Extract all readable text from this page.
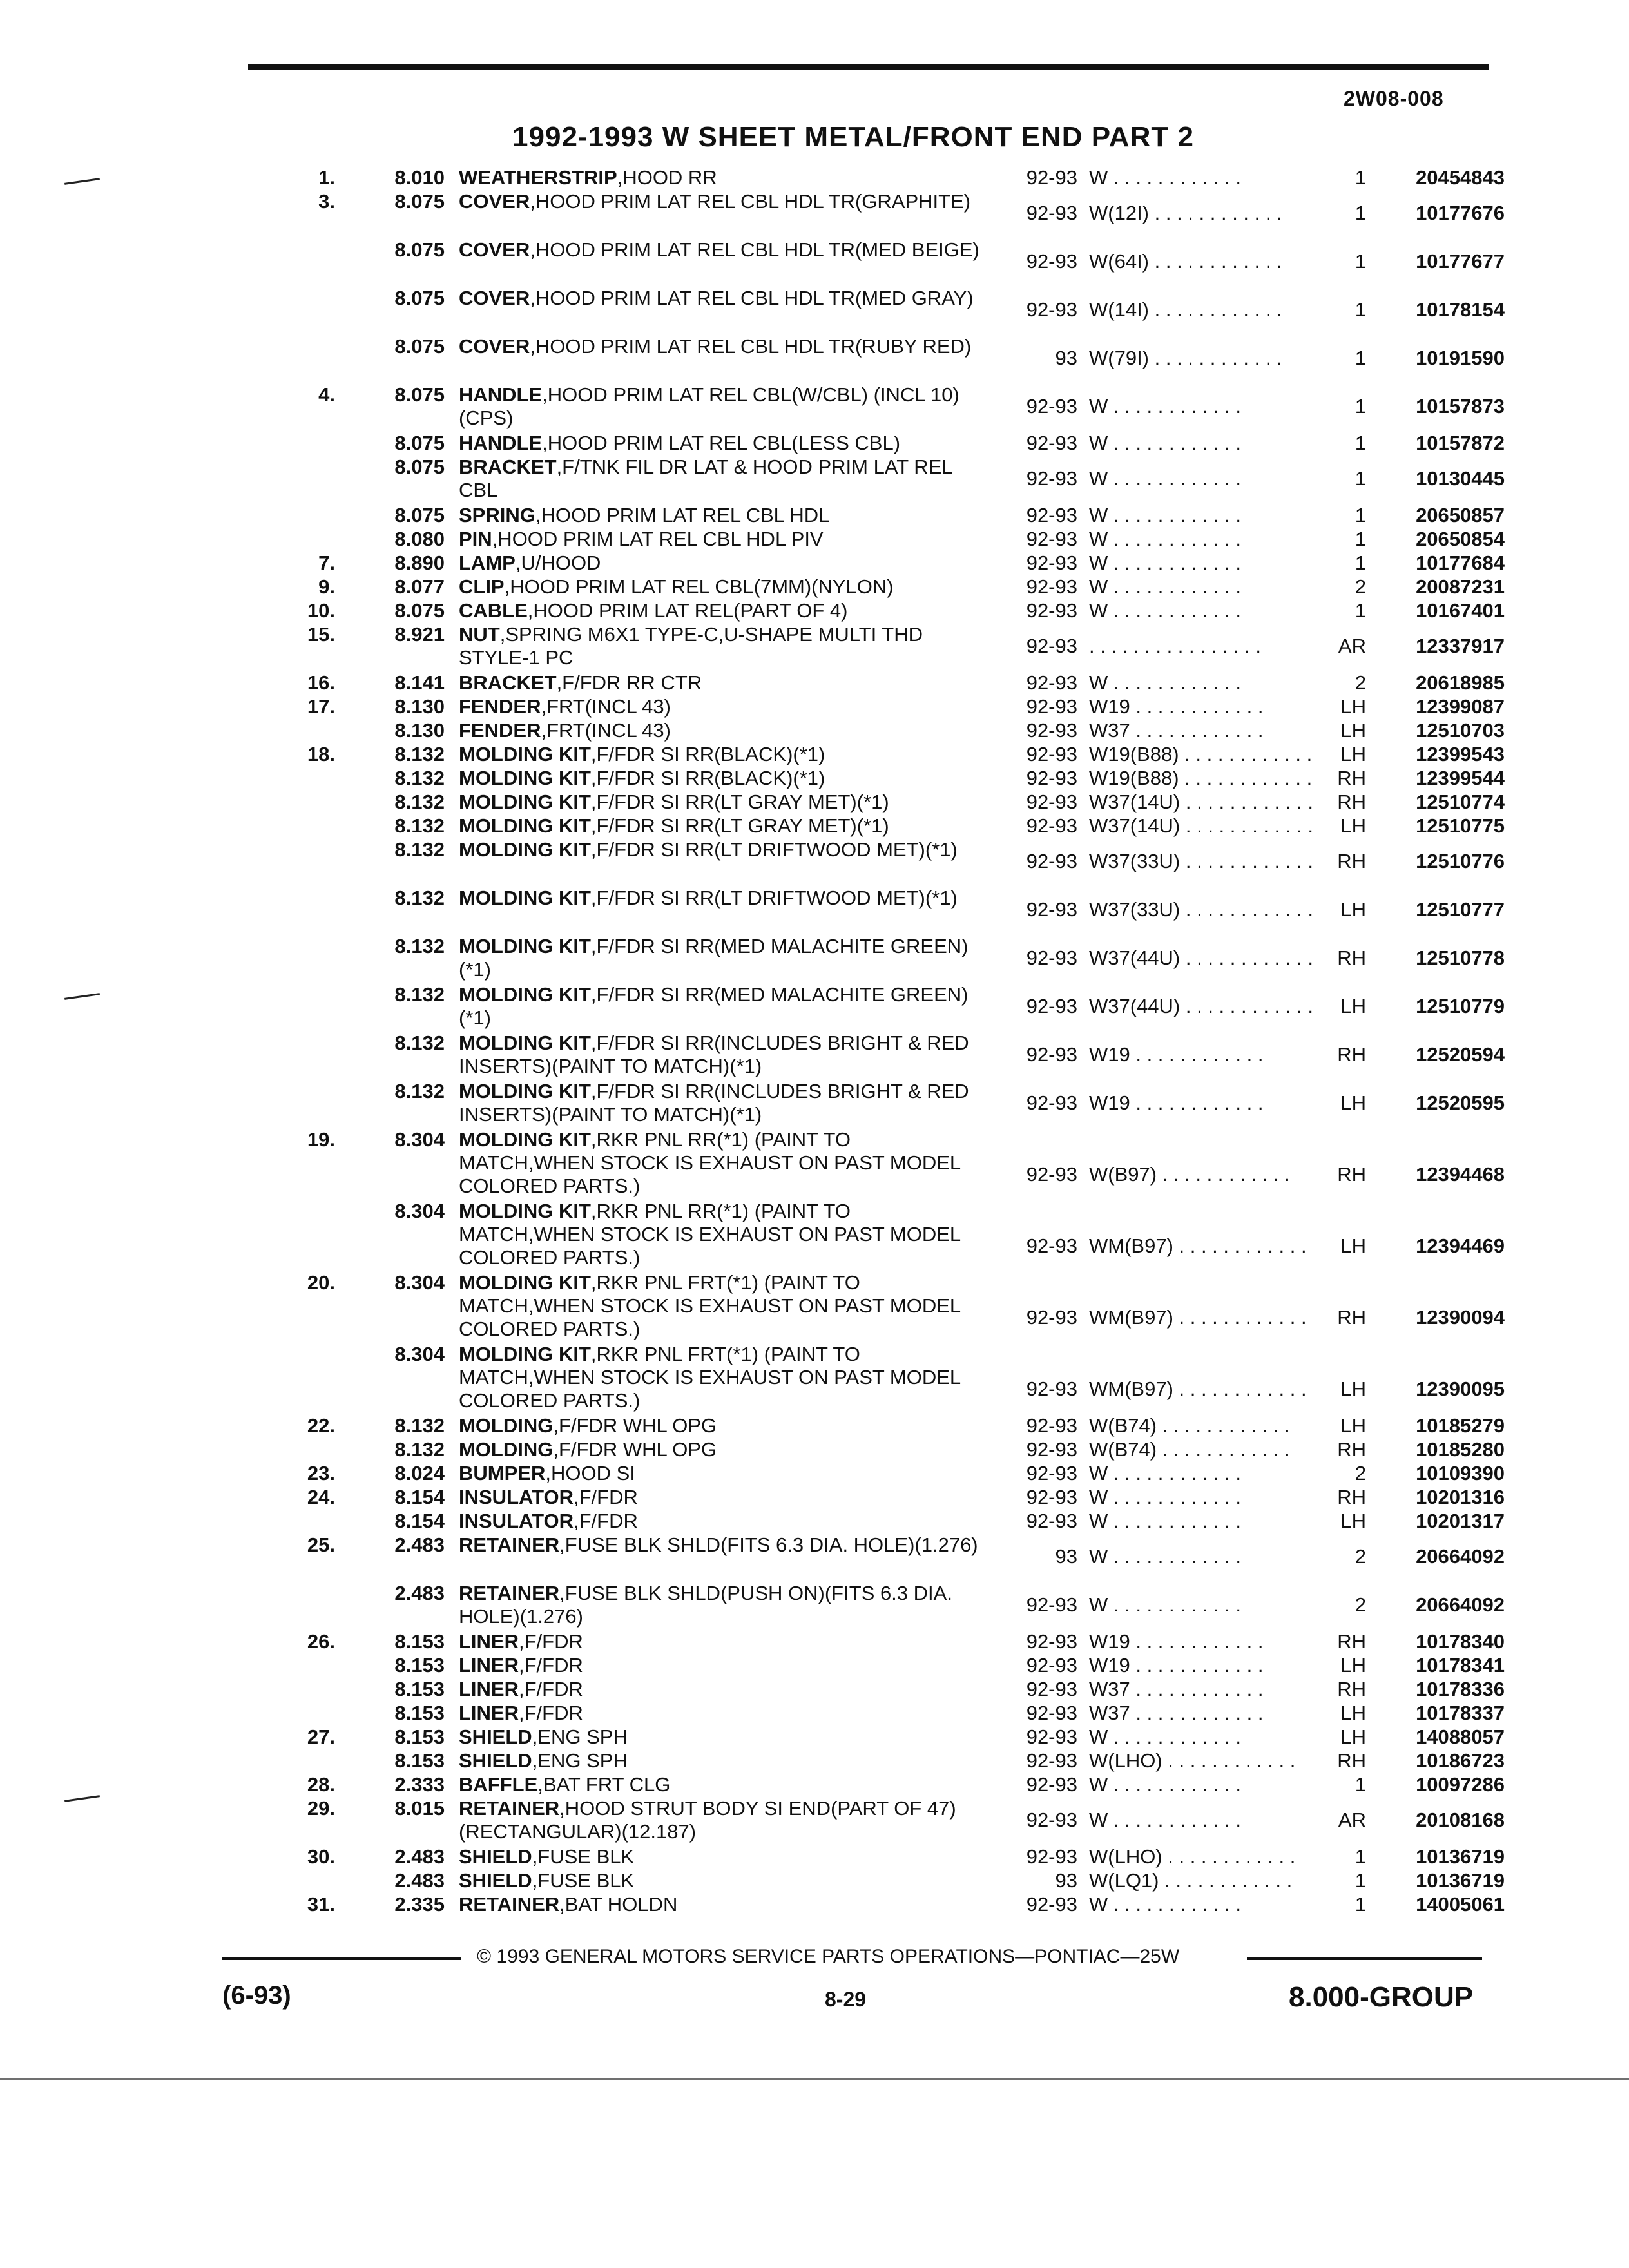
2W08-008
1992-1993 W SHEET METAL/FRONT END PART 2
1.	8.010 WEATHERSTRIP,HOOD RR	92-93 W . . . . . . . . . . . .	1	20454843
3.	8.075 COVER,HOOD PRIM LAT REL CBL HDL TR(GRAPHITE)
92-93 W(12I) . . . . . . . . . . . .	1	10177676
8.075 COVER,HOOD PRIM LAT REL CBL HDL TR(MED BEIGE)
92-93 W(64I) . . . . . . . . . . . .	1	10177677
8.075 COVER,HOOD PRIM LAT REL CBL HDL TR(MED GRAY)
92-93 W(14I) . . . . . . . . . . . .	1	10178154
8.075 COVER,HOOD PRIM LAT REL CBL HDL TR(RUBY RED)
93 W(79I) . . . . . . . . . . . .	1	10191590
4.	8.075 HANDLE,HOOD PRIM LAT REL CBL(W/CBL) (INCL 10)(CPS)
92-93 W . . . . . . . . . . . .	1	10157873
8.075 HANDLE,HOOD PRIM LAT REL CBL(LESS CBL)	92-93 W . . . . . . . . . . . .	1	10157872
8.075 BRACKET,F/TNK FIL DR LAT & HOOD PRIM LAT REL CBL
92-93 W . . . . . . . . . . . .	1	10130445
8.075 SPRING,HOOD PRIM LAT REL CBL HDL	92-93 W . . . . . . . . . . . .	1	20650857
8.080 PIN,HOOD PRIM LAT REL CBL HDL PIV	92-93 W . . . . . . . . . . . .	1	20650854
7.	8.890 LAMP,U/HOOD	92-93 W . . . . . . . . . . . .	1	10177684
9.	8.077 CLIP,HOOD PRIM LAT REL CBL(7MM)(NYLON)	92-93 W . . . . . . . . . . . .	2	20087231
10.	8.075 CABLE,HOOD PRIM LAT REL(PART OF 4)	92-93 W . . . . . . . . . . . .	1	10167401
15.	8.921 NUT,SPRING M6X1 TYPE-C,U-SHAPE MULTI THD STYLE-1 PC
92-93 . . . . . . . . . . . . . . . .	AR	12337917
16.	8.141 BRACKET,F/FDR RR CTR	92-93 W . . . . . . . . . . . .	2	20618985
17.	8.130 FENDER,FRT(INCL 43)	92-93 W19 . . . . . . . . . . . .	LH	12399087
8.130 FENDER,FRT(INCL 43)	92-93 W37 . . . . . . . . . . . .	LH	12510703
18.	8.132 MOLDING KIT,F/FDR SI RR(BLACK)(*1)	92-93 W19(B88) . . . . . . . . . . . .	LH	12399543
8.132 MOLDING KIT,F/FDR SI RR(BLACK)(*1)	92-93 W19(B88) . . . . . . . . . . . .	RH	12399544
8.132 MOLDING KIT,F/FDR SI RR(LT GRAY MET)(*1)	92-93 W37(14U) . . . . . . . . . . . .	RH	12510774
8.132 MOLDING KIT,F/FDR SI RR(LT GRAY MET)(*1)	92-93 W37(14U) . . . . . . . . . . . .	LH	12510775
8.132 MOLDING KIT,F/FDR SI RR(LT DRIFTWOOD MET)(*1)
92-93 W37(33U) . . . . . . . . . . . .	RH	12510776
8.132 MOLDING KIT,F/FDR SI RR(LT DRIFTWOOD MET)(*1)
92-93 W37(33U) . . . . . . . . . . . .	LH	12510777
8.132 MOLDING KIT,F/FDR SI RR(MED MALACHITE GREEN)(*1)
92-93 W37(44U) . . . . . . . . . . . .	RH	12510778
8.132 MOLDING KIT,F/FDR SI RR(MED MALACHITE GREEN)(*1)
92-93 W37(44U) . . . . . . . . . . . .	LH	12510779
8.132 MOLDING KIT,F/FDR SI RR(INCLUDES BRIGHT & RED INSERTS)(PAINT TO MATCH)(*1)
92-93 W19 . . . . . . . . . . . .	RH	12520594
8.132 MOLDING KIT,F/FDR SI RR(INCLUDES BRIGHT & RED INSERTS)(PAINT TO MATCH)(*1)
92-93 W19 . . . . . . . . . . . .	LH	12520595
19.	8.304 MOLDING KIT,RKR PNL RR(*1) (PAINT TO MATCH,WHEN STOCK IS EXHAUST ON PAST MODEL COLORED PARTS.)
92-93 W(B97) . . . . . . . . . . . .	RH	12394468
8.304 MOLDING KIT,RKR PNL RR(*1) (PAINT TO MATCH,WHEN STOCK IS EXHAUST ON PAST MODEL COLORED PARTS.)
92-93 WM(B97) . . . . . . . . . . . .	LH	12394469
20.	8.304 MOLDING KIT,RKR PNL FRT(*1) (PAINT TO MATCH,WHEN STOCK IS EXHAUST ON PAST MODEL COLORED PARTS.)
92-93 WM(B97) . . . . . . . . . . . .	RH	12390094
8.304 MOLDING KIT,RKR PNL FRT(*1) (PAINT TO MATCH,WHEN STOCK IS EXHAUST ON PAST MODEL COLORED PARTS.)
92-93 WM(B97) . . . . . . . . . . . .	LH	12390095
22.	8.132 MOLDING,F/FDR WHL OPG	92-93 W(B74) . . . . . . . . . . . .	LH	10185279
8.132 MOLDING,F/FDR WHL OPG	92-93 W(B74) . . . . . . . . . . . .	RH	10185280
23.	8.024 BUMPER,HOOD SI	92-93 W . . . . . . . . . . . .	2	10109390
24.	8.154 INSULATOR,F/FDR	92-93 W . . . . . . . . . . . .	RH	10201316
8.154 INSULATOR,F/FDR	92-93 W . . . . . . . . . . . .	LH	10201317
25.	2.483 RETAINER,FUSE BLK SHLD(FITS 6.3 DIA. HOLE)(1.276)
93 W . . . . . . . . . . . .	2	20664092
2.483 RETAINER,FUSE BLK SHLD(PUSH ON)(FITS 6.3 DIA. HOLE)(1.276)
92-93 W . . . . . . . . . . . .	2	20664092
26.	8.153 LINER,F/FDR	92-93 W19 . . . . . . . . . . . .	RH	10178340
8.153 LINER,F/FDR	92-93 W19 . . . . . . . . . . . .	LH	10178341
8.153 LINER,F/FDR	92-93 W37 . . . . . . . . . . . .	RH	10178336
8.153 LINER,F/FDR	92-93 W37 . . . . . . . . . . . .	LH	10178337
27.	8.153 SHIELD,ENG SPH	92-93 W . . . . . . . . . . . .	LH	14088057
8.153 SHIELD,ENG SPH	92-93 W(LHO) . . . . . . . . . . . .	RH	10186723
28.	2.333 BAFFLE,BAT FRT CLG	92-93 W . . . . . . . . . . . .	1	10097286
29.	8.015 RETAINER,HOOD STRUT BODY SI END(PART OF 47)(RECTANGULAR)(12.187)
92-93 W . . . . . . . . . . . .	AR	20108168
30.	2.483 SHIELD,FUSE BLK	92-93 W(LHO) . . . . . . . . . . . .	1	10136719
2.483 SHIELD,FUSE BLK	93 W(LQ1) . . . . . . . . . . . .	1	10136719
31.	2.335 RETAINER,BAT HOLDN	92-93 W . . . . . . . . . . . .	1	14005061
© 1993 GENERAL MOTORS SERVICE PARTS OPERATIONS—PONTIAC—25W
(6-93)	8-29	8.000-GROUP
